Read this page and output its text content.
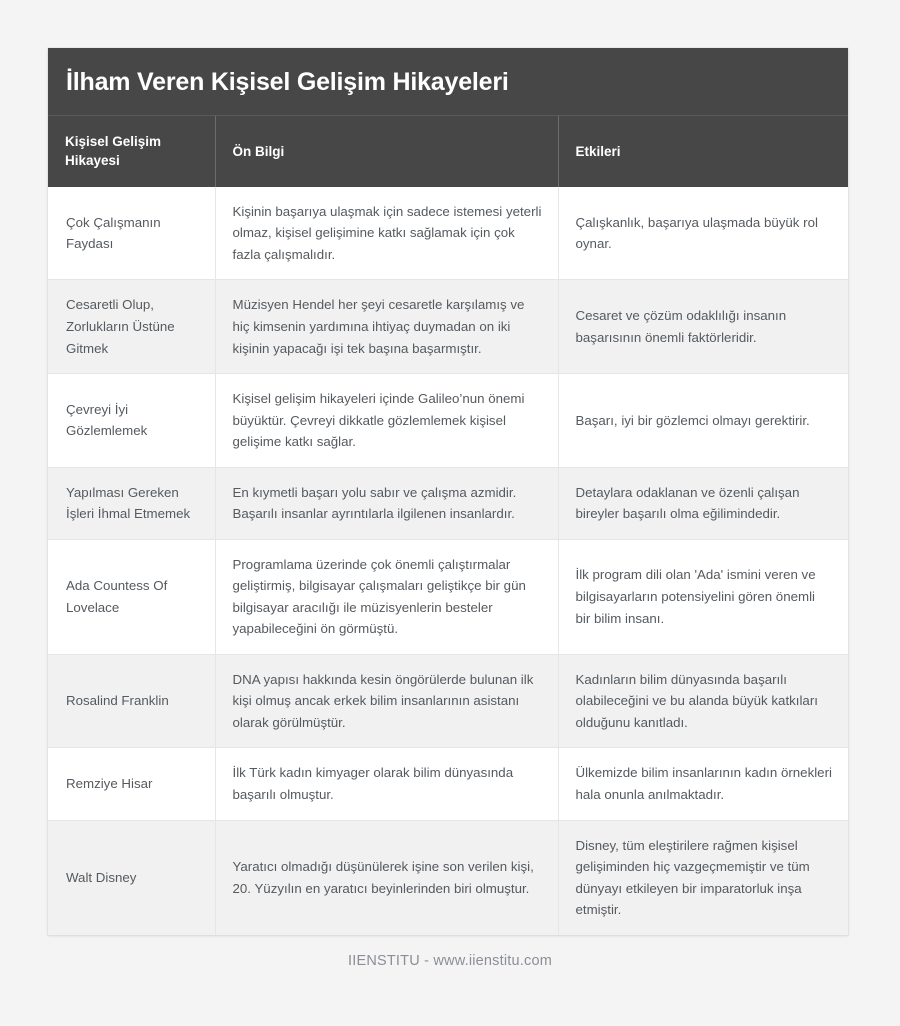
İlham Veren Kişisel Gelişim Hikayeleri
Kişisel Gelişim Hikayesi	Ön Bilgi	Etkileri
Çok Çalışmanın Faydası	Kişinin başarıya ulaşmak için sadece istemesi yeterli olmaz, kişisel gelişimine katkı sağlamak için çok fazla çalışmalıdır.	Çalışkanlık, başarıya ulaşmada büyük rol oynar.
Cesaretli Olup, Zorlukların Üstüne Gitmek	Müzisyen Hendel her şeyi cesaretle karşılamış ve hiç kimsenin yardımına ihtiyaç duymadan on iki kişinin yapacağı işi tek başına başarmıştır.	Cesaret ve çözüm odaklılığı insanın başarısının önemli faktörleridir.
Çevreyi İyi Gözlemlemek	Kişisel gelişim hikayeleri içinde Galileo’nun önemi büyüktür. Çevreyi dikkatle gözlemlemek kişisel gelişime katkı sağlar.	Başarı, iyi bir gözlemci olmayı gerektirir.
Yapılması Gereken İşleri İhmal Etmemek	En kıymetli başarı yolu sabır ve çalışma azmidir. Başarılı insanlar ayrıntılarla ilgilenen insanlardır.	Detaylara odaklanan ve özenli çalışan bireyler başarılı olma eğilimindedir.
Ada Countess Of Lovelace	Programlama üzerinde çok önemli çalıştırmalar geliştirmiş, bilgisayar çalışmaları geliştikçe bir gün bilgisayar aracılığı ile müzisyenlerin besteler yapabileceğini ön görmüştü.	İlk program dili olan 'Ada' ismini veren ve bilgisayarların potensiyelini gören önemli bir bilim insanı.
Rosalind Franklin	DNA yapısı hakkında kesin öngörülerde bulunan ilk kişi olmuş ancak erkek bilim insanlarının asistanı olarak görülmüştür.	Kadınların bilim dünyasında başarılı olabileceğini ve bu alanda büyük katkıları olduğunu kanıtladı.
Remziye Hisar	İlk Türk kadın kimyager olarak bilim dünyasında başarılı olmuştur.	Ülkemizde bilim insanlarının kadın örnekleri hala onunla anılmaktadır.
Walt Disney	Yaratıcı olmadığı düşünülerek işine son verilen kişi, 20. Yüzyılın en yaratıcı beyinlerinden biri olmuştur.	Disney, tüm eleştirilere rağmen kişisel gelişiminden hiç vazgeçmemiştir ve tüm dünyayı etkileyen bir imparatorluk inşa etmiştir.
IIENSTITU - www.iienstitu.com
